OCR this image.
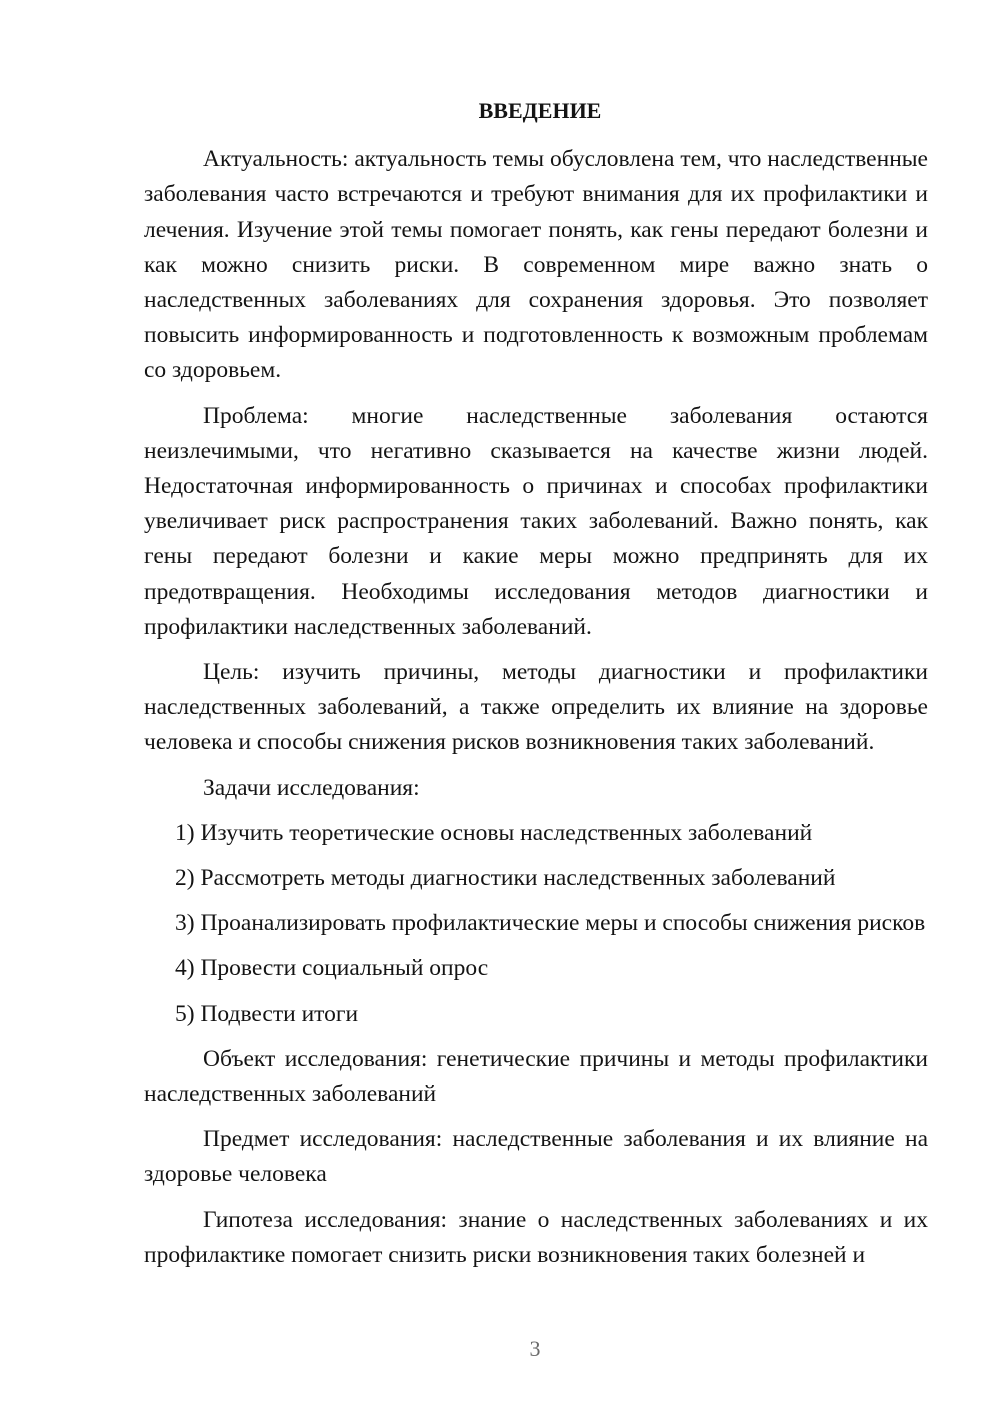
ВВЕДЕНИЕ

Актуальность: актуальность темы обусловлена тем, что наследственные заболевания часто встречаются и требуют внимания для их профилактики и лечения. Изучение этой темы помогает понять, как гены передают болезни и как можно снизить риски. В современном мире важно знать о наследственных заболеваниях для сохранения здоровья. Это позволяет повысить информированность и подготовленность к возможным проблемам со здоровьем.

Проблема: многие наследственные заболевания остаются неизлечимыми, что негативно сказывается на качестве жизни людей. Недостаточная информированность о причинах и способах профилактики увеличивает риск распространения таких заболеваний. Важно понять, как гены передают болезни и какие меры можно предпринять для их предотвращения. Необходимы исследования методов диагностики и профилактики наследственных заболеваний.

Цель: изучить причины, методы диагностики и профилактики наследственных заболеваний, а также определить их влияние на здоровье человека и способы снижения рисков возникновения таких заболеваний.

Задачи исследования:

1) Изучить теоретические основы наследственных заболеваний

2) Рассмотреть методы диагностики наследственных заболеваний

3) Проанализировать профилактические меры и способы снижения рисков

4) Провести социальный опрос

5) Подвести итоги

Объект исследования: генетические причины и методы профилактики наследственных заболеваний

Предмет исследования: наследственные заболевания и их влияние на здоровье человека

Гипотеза исследования: знание о наследственных заболеваниях и их профилактике помогает снизить риски возникновения таких болезней и

3
